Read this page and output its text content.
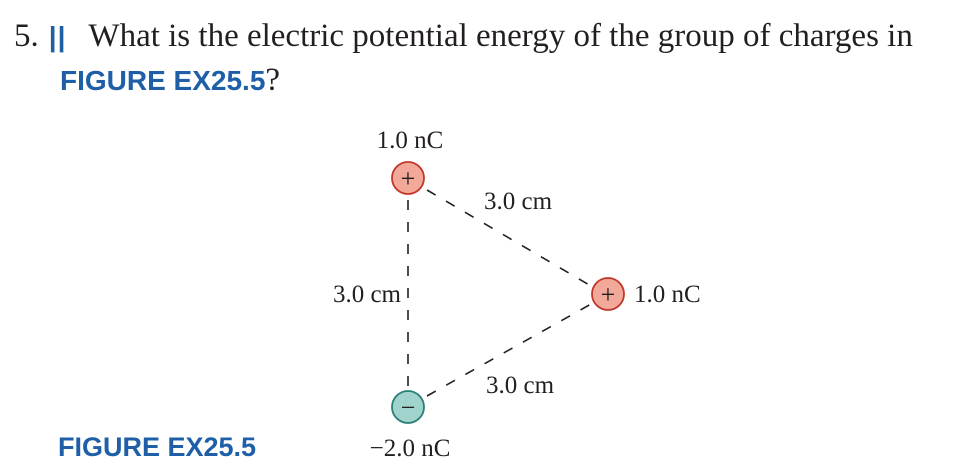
5. || What is the electric potential energy of the group of charges in
FIGURE EX25.5?
+
1.0 nC
+ 1.0 nC
−
−2.0 nC
3.0 cm
3.0 cm
3.0 cm
FIGURE EX25.5
